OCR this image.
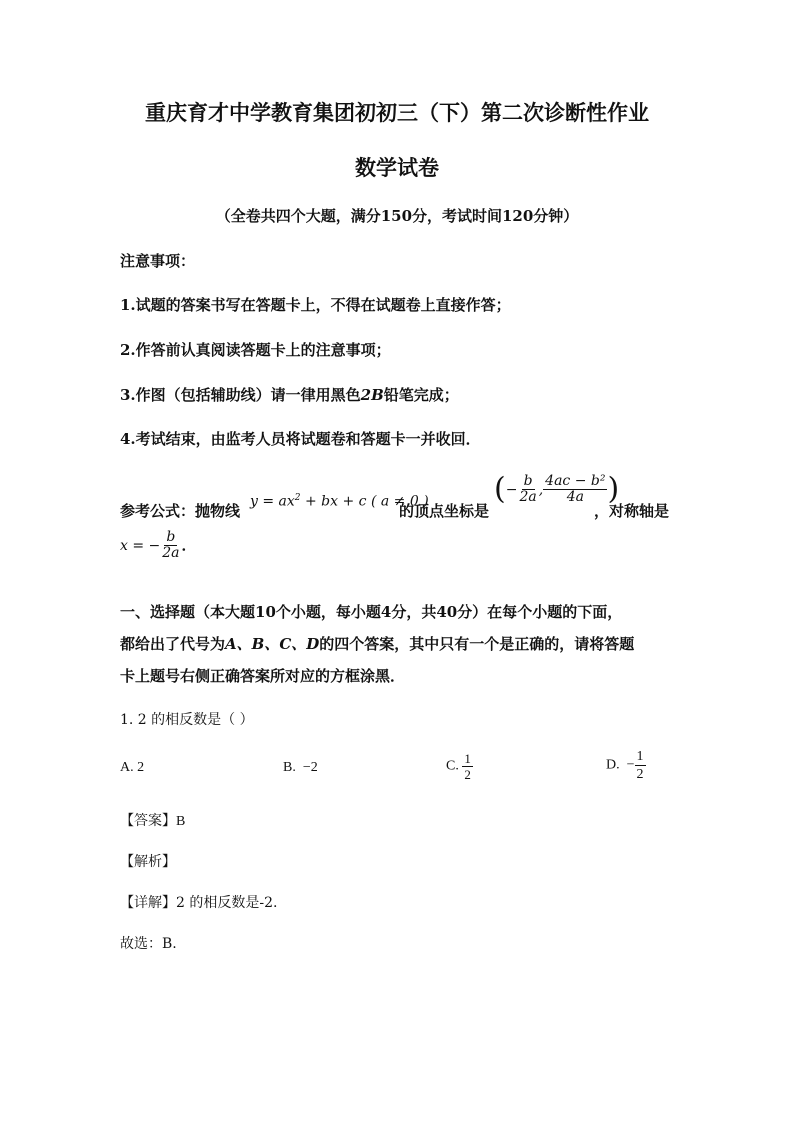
重庆育才中学教育集团初初三（下）第二次诊断性作业
数学试卷
（全卷共四个大题，满分150分，考试时间120分钟）
注意事项：
1.试题的答案书写在答题卡上，不得在试题卷上直接作答；
2.作答前认真阅读答题卡上的注意事项；
3.作图（包括辅助线）请一律用黑色2B铅笔完成；
4.考试结束，由监考人员将试题卷和答题卡一并收回．
参考公式：抛物线
$y = ax^2$ + bx + c ( a ≠ 0 )
的顶点坐标是
(− $\frac{b}{2a}$ , $\frac{\text{4ac − b²}}{4a}$ )
，对称轴是
x = − $\frac{b}{2a}$ ．
一、选择题（本大题10个小题，每小题4分，共40分）在每个小题的下面，
都给出了代号为A、B、C、D的四个答案，其中只有一个是正确的，请将答题
卡上题号右侧正确答案所对应的方框涂黑．
1. 2 的相反数是（ ）
A. 2	B. −2	C. $\frac{1}{2}$	D. − $\frac{1}{2}$
【答案】B
【解析】
【详解】2 的相反数是-2.
故选：B.
